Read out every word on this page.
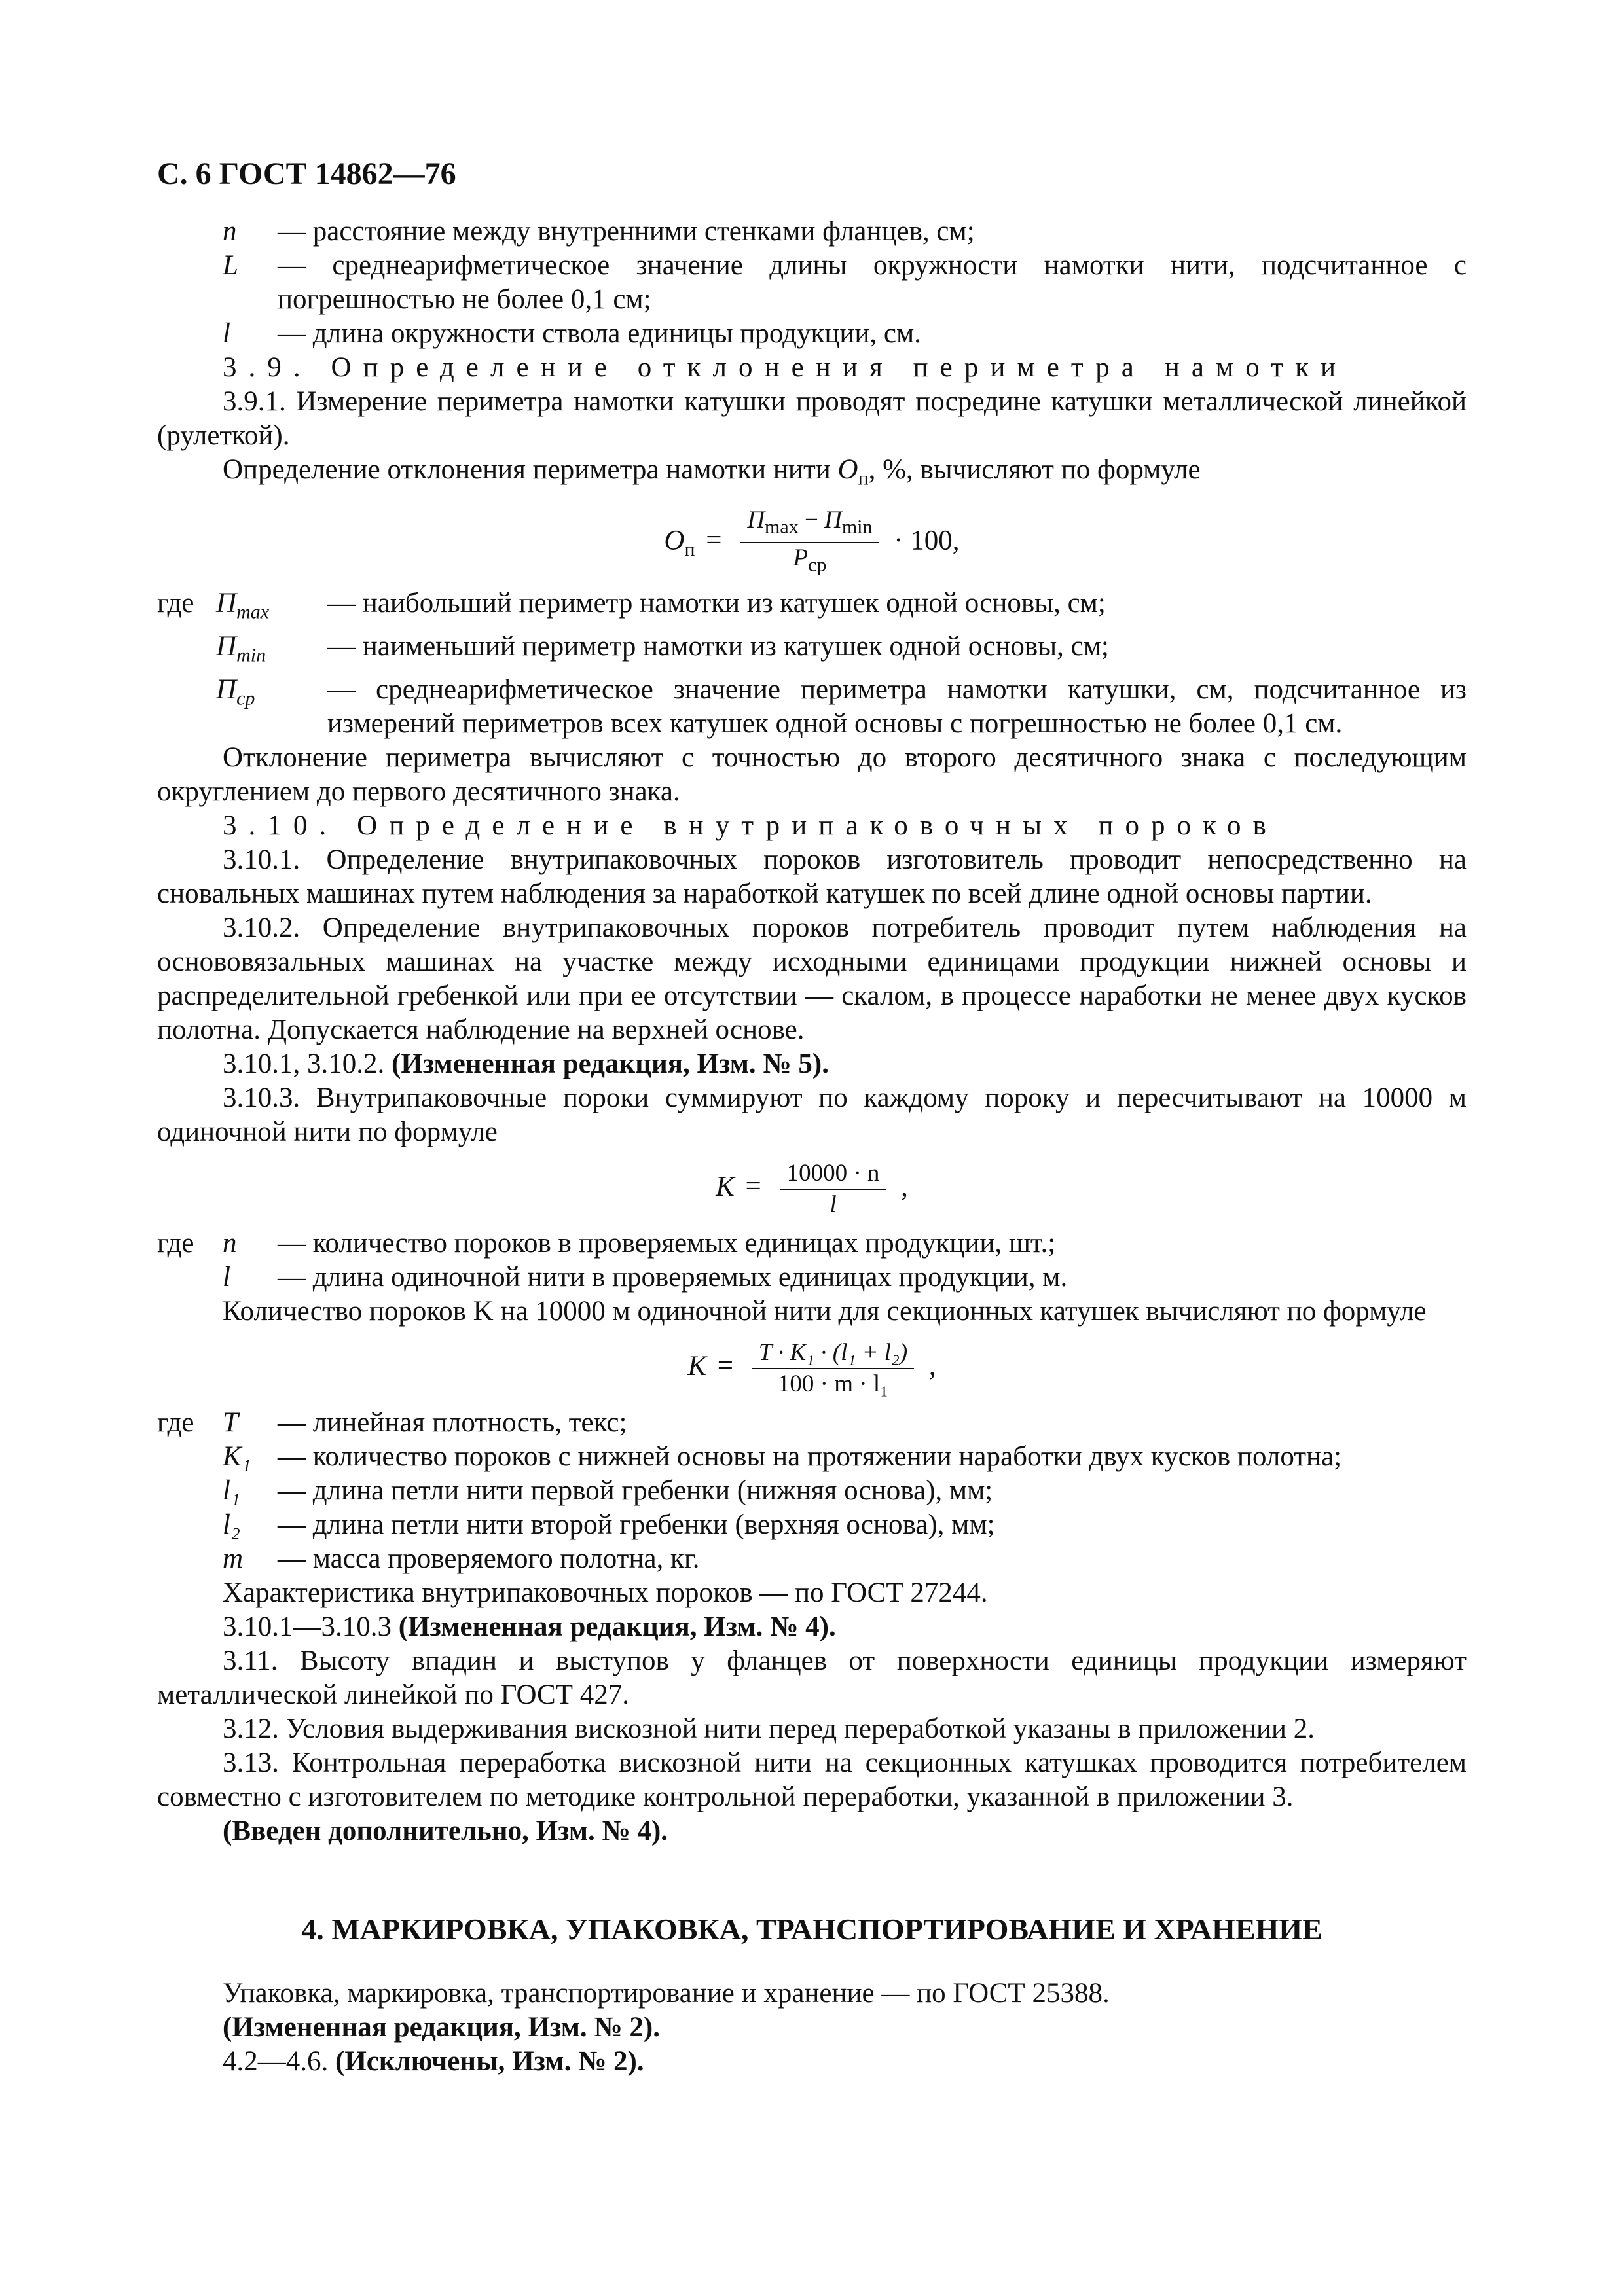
С. 6 ГОСТ 14862—76
n	— расстояние между внутренними стенками фланцев, см;
L	— среднеарифметическое значение длины окружности намотки нити, подсчитанное с погрешностью не более 0,1 см;
l	— длина окружности ствола единицы продукции, см.
3.9. Определение отклонения периметра намотки
3.9.1. Измерение периметра намотки катушки проводят посредине катушки металлической линейкой (рулеткой).
Определение отклонения периметра намотки нити $О_п$, %, вычисляют по формуле
$О_п = \frac{П_{max} - П_{min}}{P_{ср}} \cdot 100$,
где $П_{max}$	— наибольший периметр намотки из катушек одной основы, см;
$П_{min}$	— наименьший периметр намотки из катушек одной основы, см;
$П_{ср}$	— среднеарифметическое значение периметра намотки катушки, см, подсчитанное из измерений периметров всех катушек одной основы с погрешностью не более 0,1 см.
Отклонение периметра вычисляют с точностью до второго десятичного знака с последующим округлением до первого десятичного знака.
3.10. Определение внутрипаковочных пороков
3.10.1. Определение внутрипаковочных пороков изготовитель проводит непосредственно на сновальных машинах путем наблюдения за наработкой катушек по всей длине одной основы партии.
3.10.2. Определение внутрипаковочных пороков потребитель проводит путем наблюдения на основовязальных машинах на участке между исходными единицами продукции нижней основы и распределительной гребенкой или при ее отсутствии — скалом, в процессе наработки не менее двух кусков полотна. Допускается наблюдение на верхней основе.
3.10.1, 3.10.2. (Измененная редакция, Изм. № 5).
3.10.3. Внутрипаковочные пороки суммируют по каждому пороку и пересчитывают на 10000 м одиночной нити по формуле
$K = \frac{10000 \cdot n}{l}$ ,
где	n	— количество пороков в проверяемых единицах продукции, шт.;
l	— длина одиночной нити в проверяемых единицах продукции, м.
Количество пороков K на 10000 м одиночной нити для секционных катушек вычисляют по формуле
$K = \frac{\text{T · K₁ · (l₁ + l₂)}}{\text{100 · m · l₁}}$ ,
где	T	— линейная плотность, текс;
K₁ — количество пороков с нижней основы на протяжении наработки двух кусков полотна;
l₁	— длина петли нити первой гребенки (нижняя основа), мм;
l₂	— длина петли нити второй гребенки (верхняя основа), мм;
m	— масса проверяемого полотна, кг.
Характеристика внутрипаковочных пороков — по ГОСТ 27244.
3.10.1—3.10.3 (Измененная редакция, Изм. № 4).
3.11. Высоту впадин и выступов у фланцев от поверхности единицы продукции измеряют металлической линейкой по ГОСТ 427.
3.12. Условия выдерживания вискозной нити перед переработкой указаны в приложении 2.
3.13. Контрольная переработка вискозной нити на секционных катушках проводится потребителем совместно с изготовителем по методике контрольной переработки, указанной в приложении 3.
(Введен дополнительно, Изм. № 4).
4. МАРКИРОВКА, УПАКОВКА, ТРАНСПОРТИРОВАНИЕ И ХРАНЕНИЕ
Упаковка, маркировка, транспортирование и хранение — по ГОСТ 25388.
(Измененная редакция, Изм. № 2).
4.2—4.6. (Исключены, Изм. № 2).
